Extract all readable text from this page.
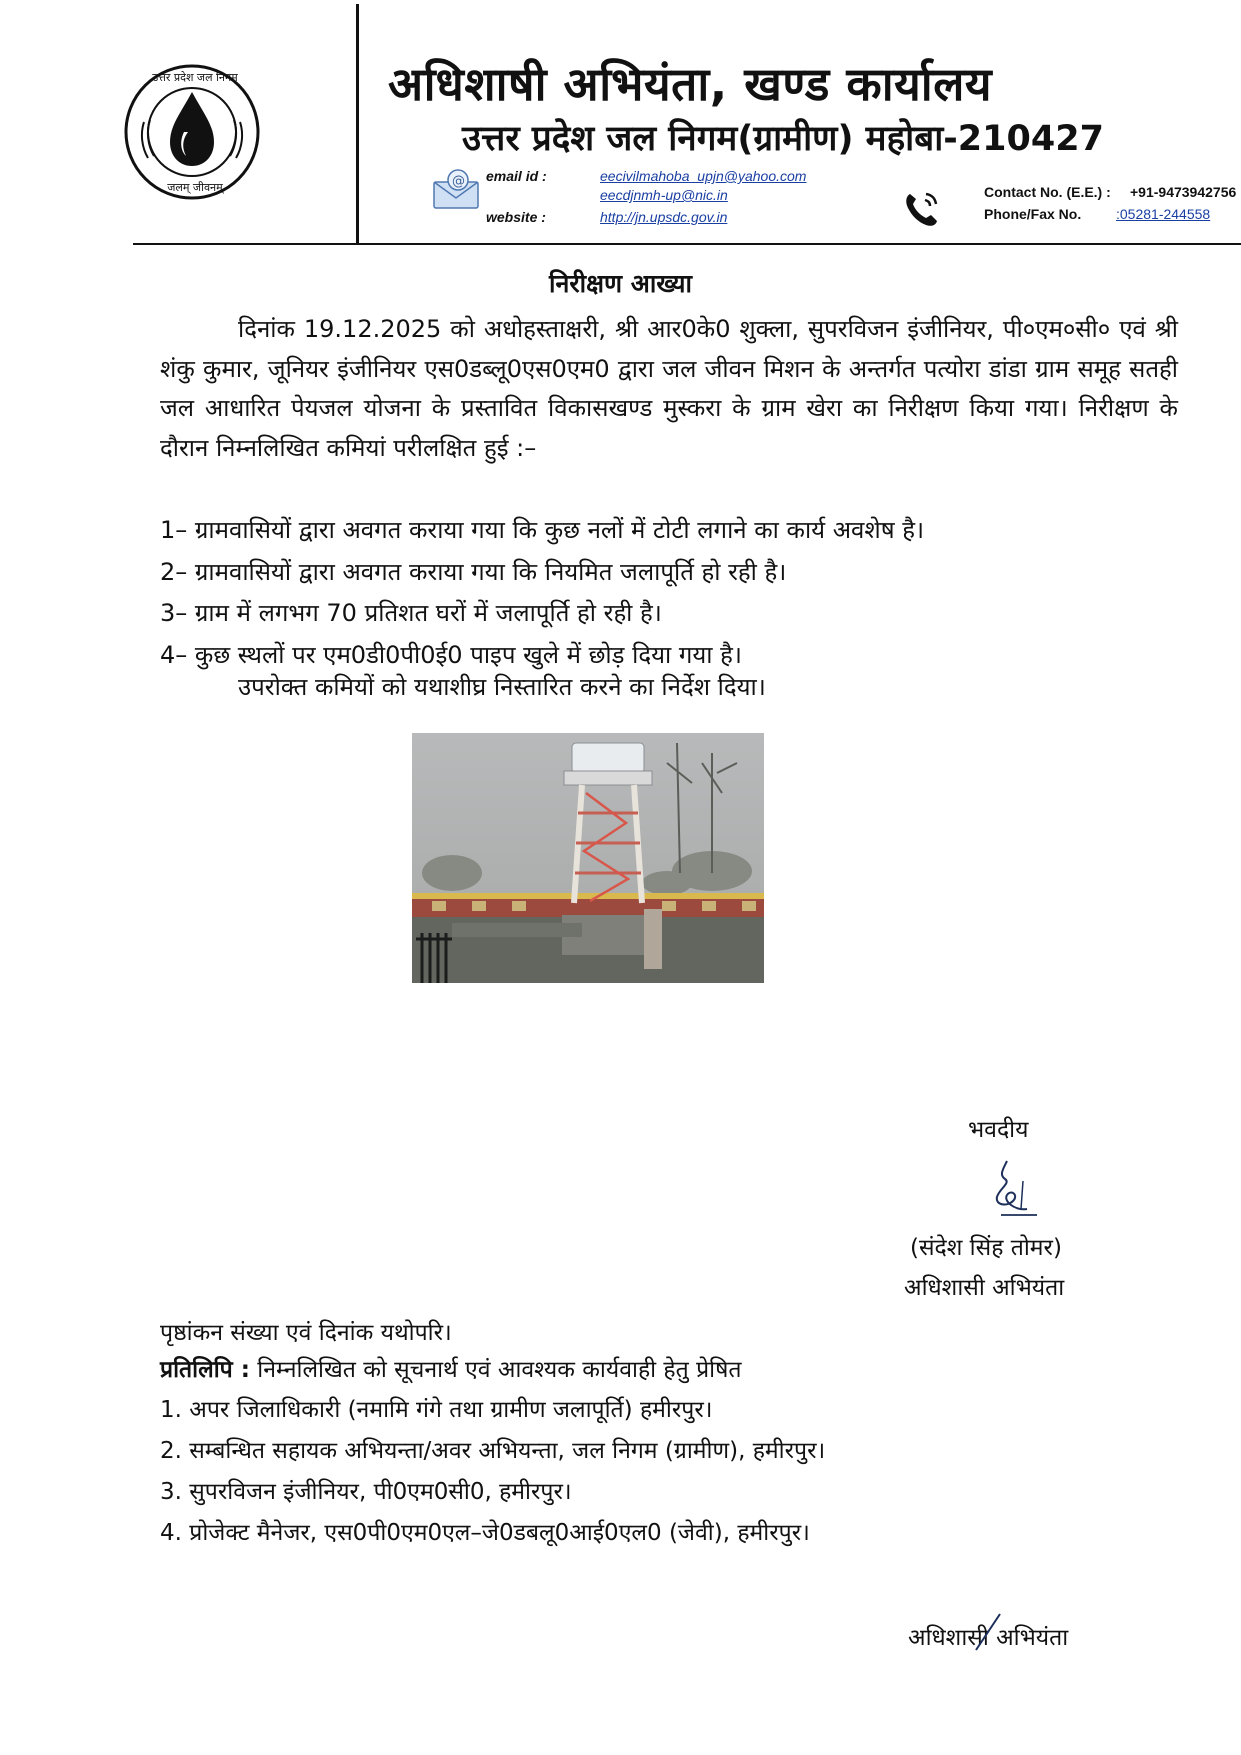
उत्तर प्रदेश जल निगम
जलम् जीवनम्
अधिशाषी अभियंता, खण्ड कार्यालय
उत्तर प्रदेश जल निगम(ग्रामीण) महोबा-210427
@ email id :	eecivilmahoba_upjn@yahoo.com
eecdjnmh-up@nic.in
website :	http://jn.upsdc.gov.in
Contact No. (E.E.) : +91-9473942756
Phone/Fax No. :05281-244558
निरीक्षण आख्या
दिनांक 19.12.2025 को अधोहस्ताक्षरी, श्री आर0के0 शुक्ला, सुपरविजन इंजीनियर, पी०एम०सी० एवं श्री शंकु कुमार, जूनियर इंजीनियर एस0डब्लू0एस0एम0 द्वारा जल जीवन मिशन के अन्तर्गत पत्योरा डांडा ग्राम समूह सतही जल आधारित पेयजल योजना के प्रस्तावित विकासखण्ड मुस्करा के ग्राम खेरा का निरीक्षण किया गया। निरीक्षण के दौरान निम्नलिखित कमियां परीलक्षित हुई :–
1– ग्रामवासियों द्वारा अवगत कराया गया कि कुछ नलों में टोटी लगाने का कार्य अवशेष है।
2– ग्रामवासियों द्वारा अवगत कराया गया कि नियमित जलापूर्ति हो रही है।
3– ग्राम में लगभग 70 प्रतिशत घरों में जलापूर्ति हो रही है।
4– कुछ स्थलों पर एम0डी0पी0ई0 पाइप खुले में छोड़ दिया गया है।
उपरोक्त कमियों को यथाशीघ्र निस्तारित करने का निर्देश दिया।
भवदीय
(संदेश सिंह तोमर)
अधिशासी अभियंता
पृष्ठांकन संख्या एवं दिनांक यथोपरि।
प्रतिलिपि : निम्नलिखित को सूचनार्थ एवं आवश्यक कार्यवाही हेतु प्रेषित
1. अपर जिलाधिकारी (नमामि गंगे तथा ग्रामीण जलापूर्ति) हमीरपुर।
2. सम्बन्धित सहायक अभियन्ता/अवर अभियन्ता, जल निगम (ग्रामीण), हमीरपुर।
3. सुपरविजन इंजीनियर, पी0एम0सी0, हमीरपुर।
4. प्रोजेक्ट मैनेजर, एस0पी0एम0एल–जे0डबलू0आई0एल0 (जेवी), हमीरपुर।
अधिशासी अभियंता
